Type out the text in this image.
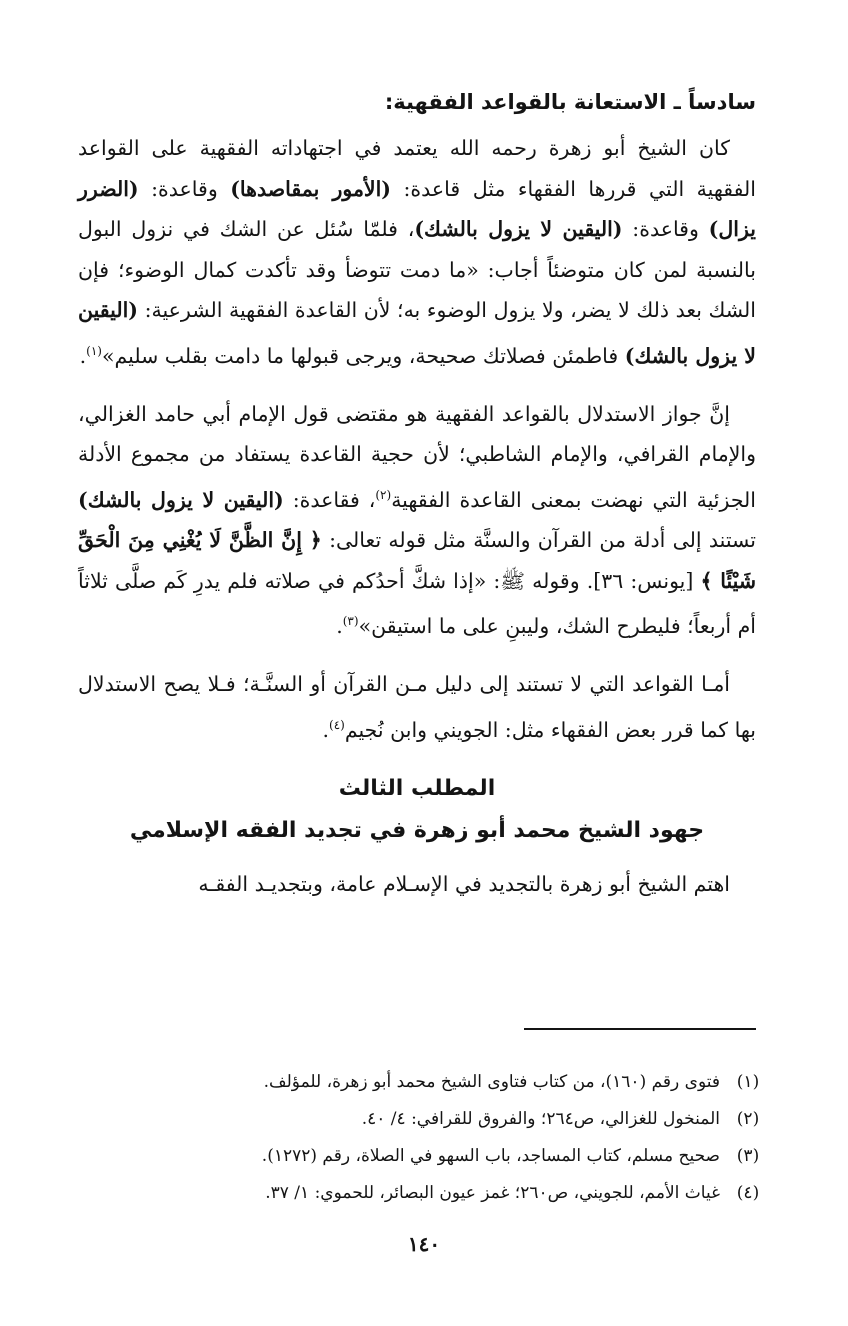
سادساً ـ الاستعانة بالقواعد الفقهية:

كان الشيخ أبو زهرة رحمه الله يعتمد في اجتهاداته الفقهية على القواعد الفقهية التي قررها الفقهاء مثل قاعدة: (الأمور بمقاصدها) وقاعدة: (الضرر يزال) وقاعدة: (اليقين لا يزول بالشك)، فلمّا سُئل عن الشك في نزول البول بالنسبة لمن كان متوضئاً أجاب: «ما دمت تتوضأ وقد تأكدت كمال الوضوء؛ فإن الشك بعد ذلك لا يضر، ولا يزول الوضوء به؛ لأن القاعدة الفقهية الشرعية: (اليقين لا يزول بالشك) فاطمئن فصلاتك صحيحة، ويرجى قبولها ما دامت بقلب سليم»$^{(١)}$.

إنَّ جواز الاستدلال بالقواعد الفقهية هو مقتضى قول الإمام أبي حامد الغزالي، والإمام القرافي، والإمام الشاطبي؛ لأن حجية القاعدة يستفاد من مجموع الأدلة الجزئية التي نهضت بمعنى القاعدة الفقهية$^{(٢)}$، فقاعدة: (اليقين لا يزول بالشك) تستند إلى أدلة من القرآن والسنَّة مثل قوله تعالى: ﴿ إِنَّ الظَّنَّ لَا يُغْنِي مِنَ الْحَقِّ شَيْئًا ﴾ [يونس: ٣٦]. وقوله ﷺ: «إذا شكَّ أحدُكم في صلاته فلم يدرِ كَم صلَّى ثلاثاً أم أربعاً؛ فليطرح الشك، وليبنِ على ما استيقن»$^{(٣)}$.

أمـا القواعد التي لا تستند إلى دليل مـن القرآن أو السنَّـة؛ فـلا يصح الاستدلال بها كما قرر بعض الفقهاء مثل: الجويني وابن نُجيم$^{(٤)}$.

المطلب الثالث

جهود الشيخ محمد أبو زهرة في تجديد الفقه الإسلامي

اهتم الشيخ أبو زهرة بالتجديد في الإسـلام عامة، وبتجديـد الفقـه

(١)
فتوى رقم (١٦٠)، من كتاب فتاوى الشيخ محمد أبو زهرة، للمؤلف.
(٢)
المنخول للغزالي، ص٢٦٤؛ والفروق للقرافي: ٤/ ٤٠.
(٣)
صحيح مسلم، كتاب المساجد، باب السهو في الصلاة، رقم (١٢٧٢).
(٤)
غياث الأمم، للجويني، ص٢٦٠؛ غمز عيون البصائر، للحموي: ١/ ٣٧.
١٤٠
